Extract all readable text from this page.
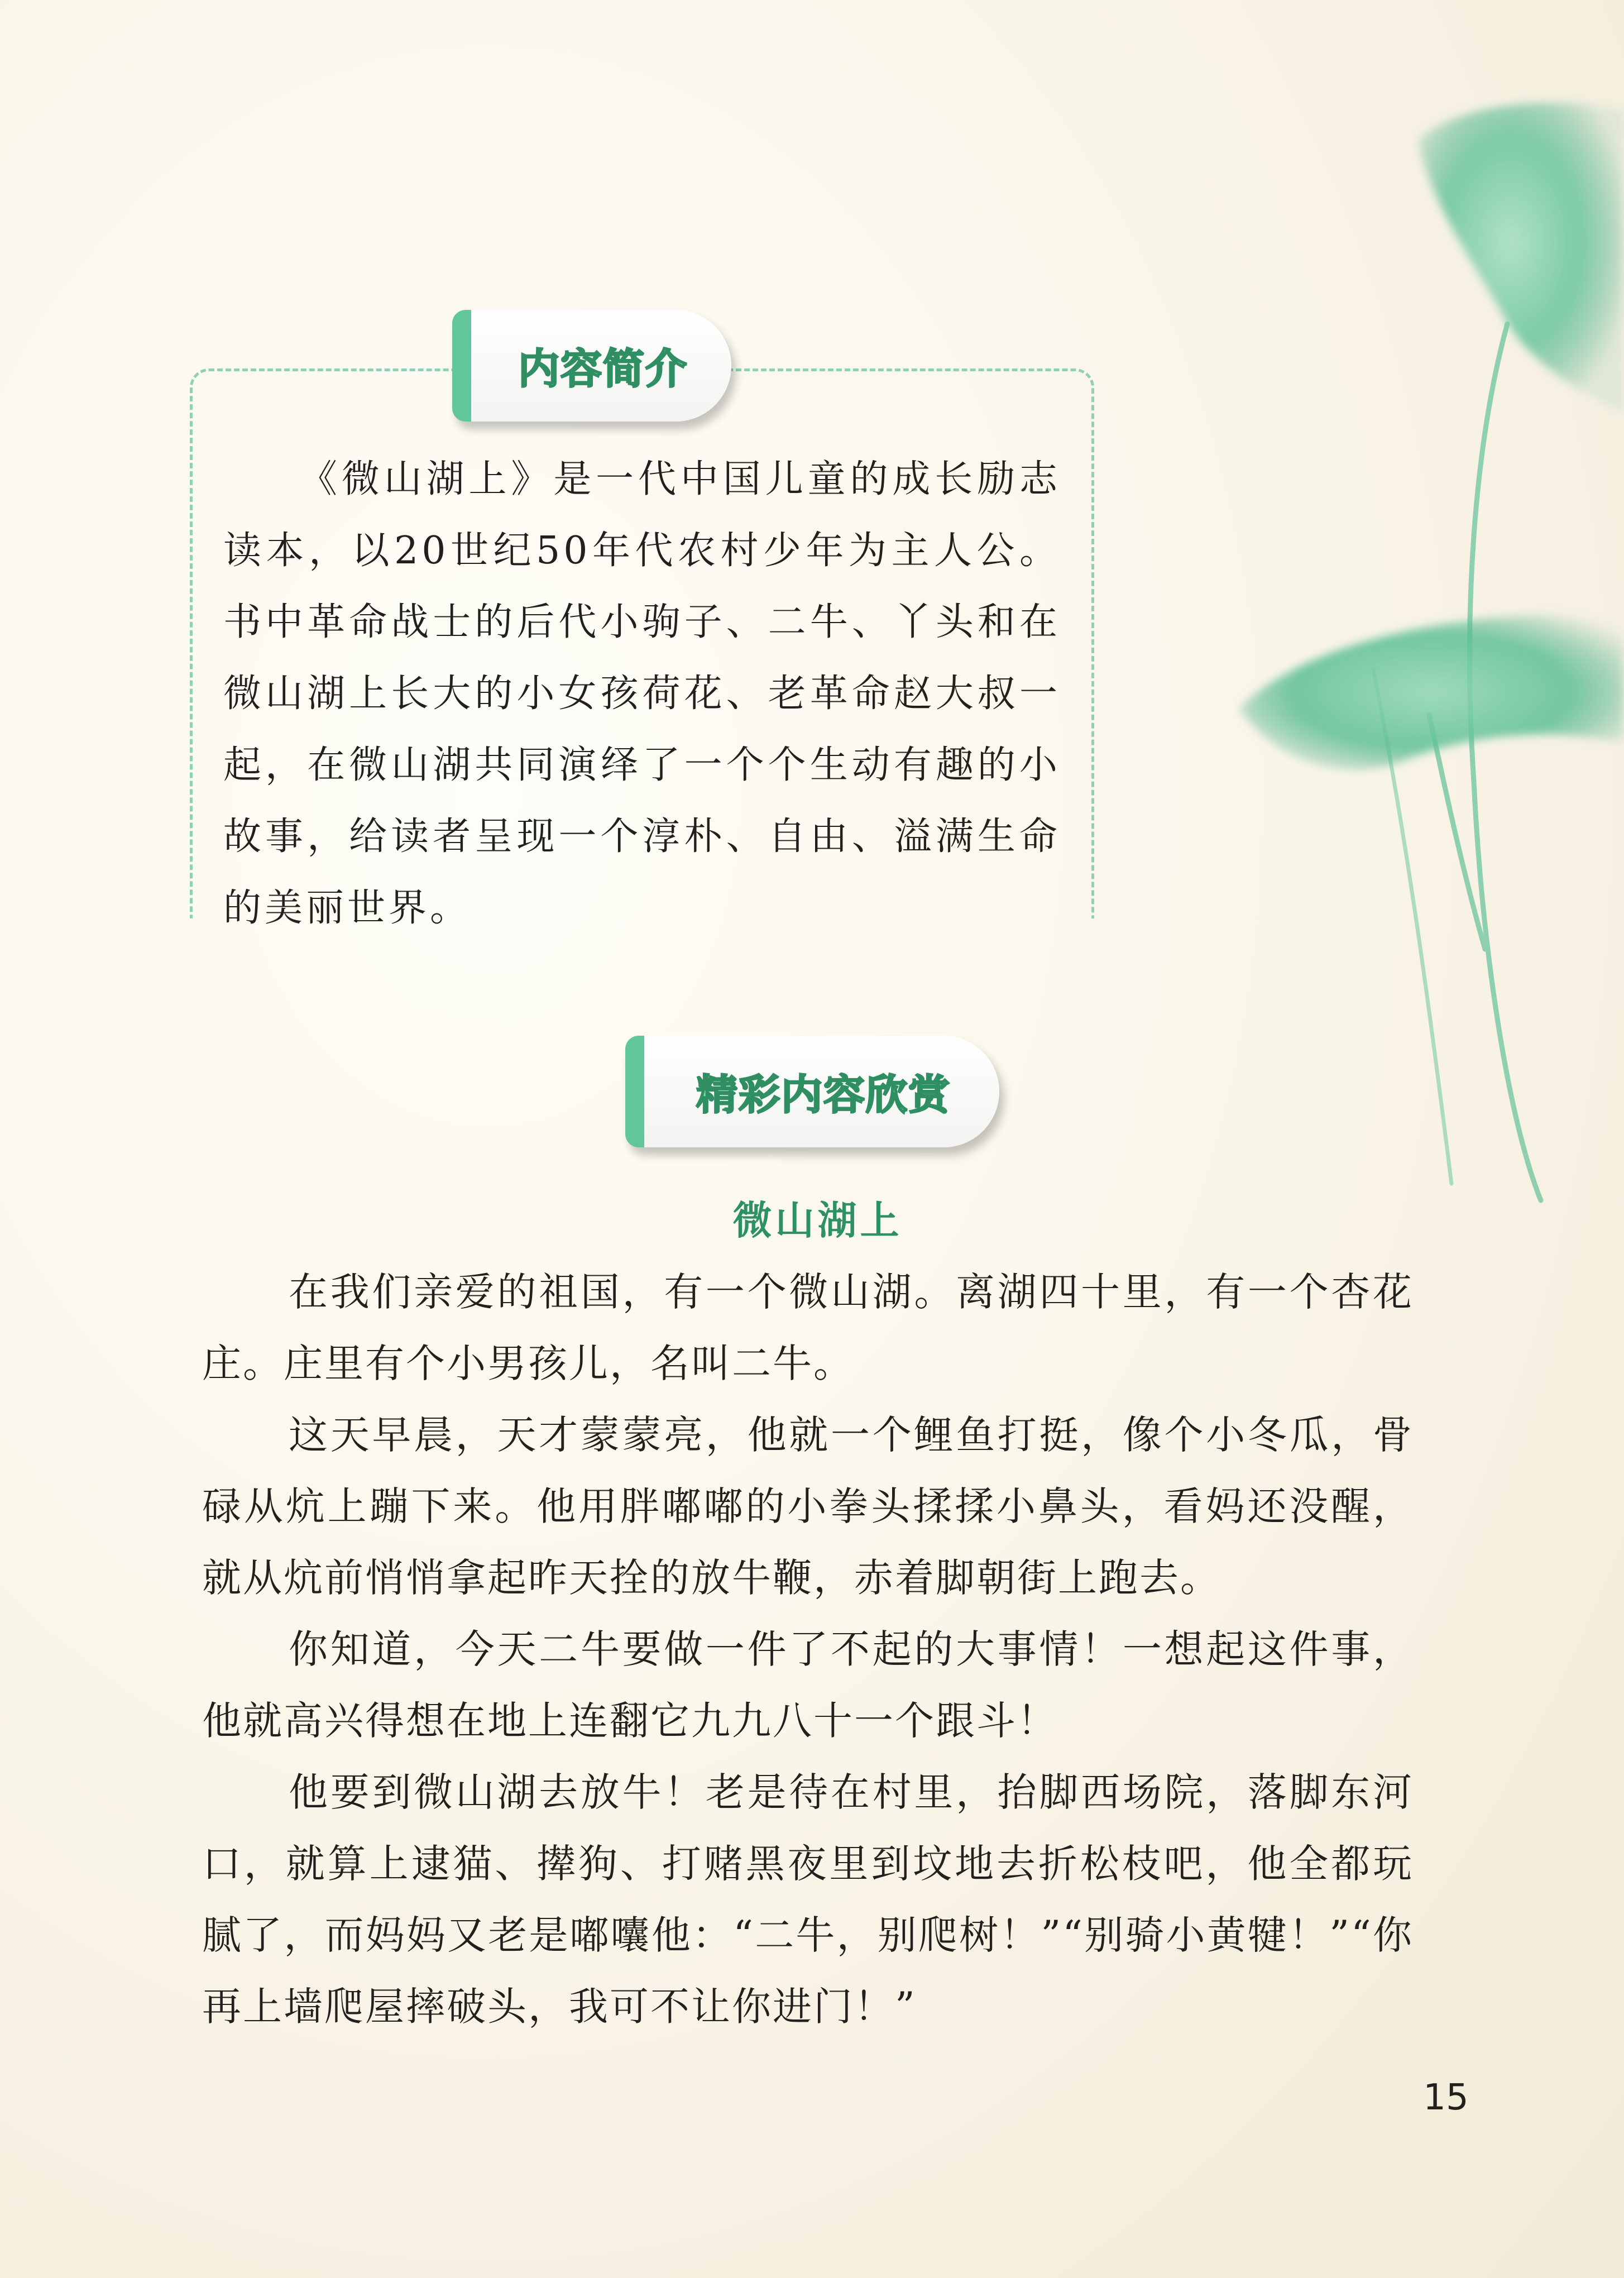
内容简介

《微山湖上》是一代中国儿童的成长励志读本，以20世纪50年代农村少年为主人公。书中革命战士的后代小驹子、二牛、丫头和在微山湖上长大的小女孩荷花、老革命赵大叔一起，在微山湖共同演绎了一个个生动有趣的小故事，给读者呈现一个淳朴、自由、溢满生命的美丽世界。

精彩内容欣赏
微山湖上

在我们亲爱的祖国，有一个微山湖。离湖四十里，有一个杏花庄。庄里有个小男孩儿，名叫二牛。

这天早晨，天才蒙蒙亮，他就一个鲤鱼打挺，像个小冬瓜，骨碌从炕上蹦下来。他用胖嘟嘟的小拳头揉揉小鼻头，看妈还没醒，就从炕前悄悄拿起昨天拴的放牛鞭，赤着脚朝街上跑去。

你知道，今天二牛要做一件了不起的大事情！一想起这件事，他就高兴得想在地上连翻它九九八十一个跟斗！

他要到微山湖去放牛！老是待在村里，抬脚西场院，落脚东河口，就算上逮猫、撵狗、打赌黑夜里到坟地去折松枝吧，他全都玩腻了，而妈妈又老是嘟囔他：“二牛，别爬树！”“别骑小黄犍！”“你再上墙爬屋摔破头，我可不让你进门！”

15
